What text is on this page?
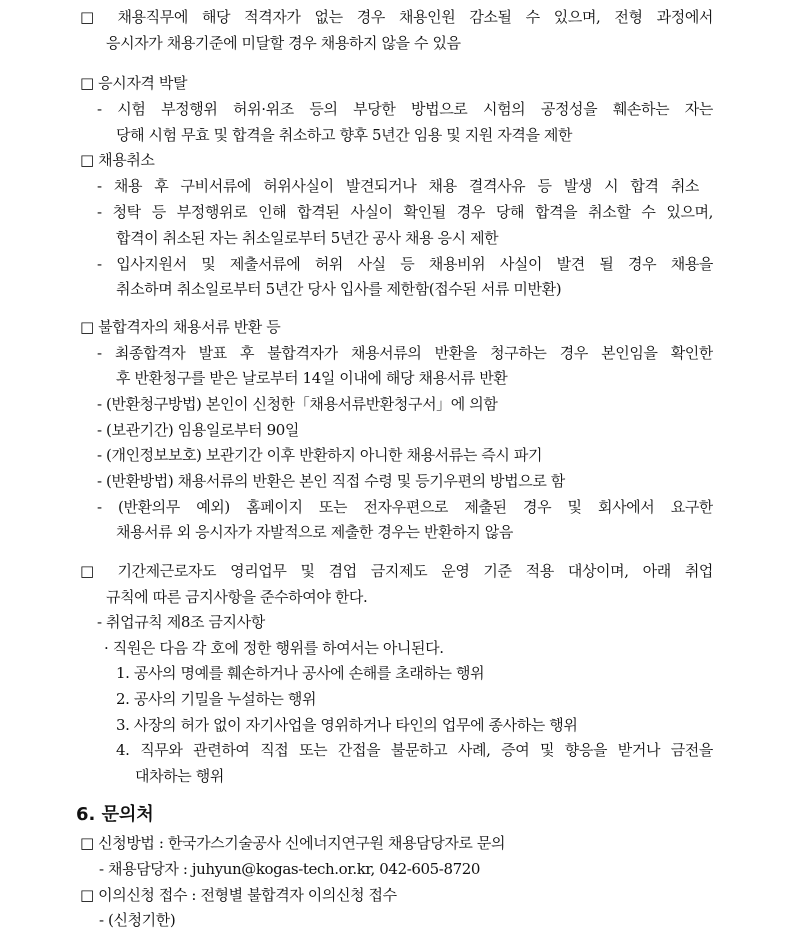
□ 채용직무에 해당 적격자가 없는 경우 채용인원 감소될 수 있으며, 전형 과정에서
응시자가 채용기준에 미달할 경우 채용하지 않을 수 있음
□ 응시자격 박탈
- 시험 부정행위 허위·위조 등의 부당한 방법으로 시험의 공정성을 훼손하는 자는
당해 시험 무효 및 합격을 취소하고 향후 5년간 임용 및 지원 자격을 제한
□ 채용취소
- 채용 후 구비서류에 허위사실이 발견되거나 채용 결격사유 등 발생 시 합격 취소
- 청탁 등 부정행위로 인해 합격된 사실이 확인될 경우 당해 합격을 취소할 수 있으며,
합격이 취소된 자는 취소일로부터 5년간 공사 채용 응시 제한
- 입사지원서 및 제출서류에 허위 사실 등 채용비위 사실이 발견 될 경우 채용을
취소하며 취소일로부터 5년간 당사 입사를 제한함(접수된 서류 미반환)
□ 불합격자의 채용서류 반환 등
- 최종합격자 발표 후 불합격자가 채용서류의 반환을 청구하는 경우 본인임을 확인한
후 반환청구를 받은 날로부터 14일 이내에 해당 채용서류 반환
- (반환청구방법) 본인이 신청한「채용서류반환청구서」에 의함
- (보관기간) 임용일로부터 90일
- (개인정보보호) 보관기간 이후 반환하지 아니한 채용서류는 즉시 파기
- (반환방법) 채용서류의 반환은 본인 직접 수령 및 등기우편의 방법으로 함
- (반환의무 예외) 홈페이지 또는 전자우편으로 제출된 경우 및 회사에서 요구한
채용서류 외 응시자가 자발적으로 제출한 경우는 반환하지 않음
□ 기간제근로자도 영리업무 및 겸업 금지제도 운영 기준 적용 대상이며, 아래 취업
규칙에 따른 금지사항을 준수하여야 한다.
- 취업규칙 제8조 금지사항
· 직원은 다음 각 호에 정한 행위를 하여서는 아니된다.
1. 공사의 명예를 훼손하거나 공사에 손해를 초래하는 행위
2. 공사의 기밀을 누설하는 행위
3. 사장의 허가 없이 자기사업을 영위하거나 타인의 업무에 종사하는 행위
4. 직무와 관련하여 직접 또는 간접을 불문하고 사례, 증여 및 향응을 받거나 금전을
대차하는 행위
6. 문의처
□ 신청방법 : 한국가스기술공사 신에너지연구원 채용담당자로 문의
- 채용담당자 : juhyun@kogas-tech.or.kr, 042-605-8720
□ 이의신청 접수 : 전형별 불합격자 이의신청 접수
- (신청기한)
